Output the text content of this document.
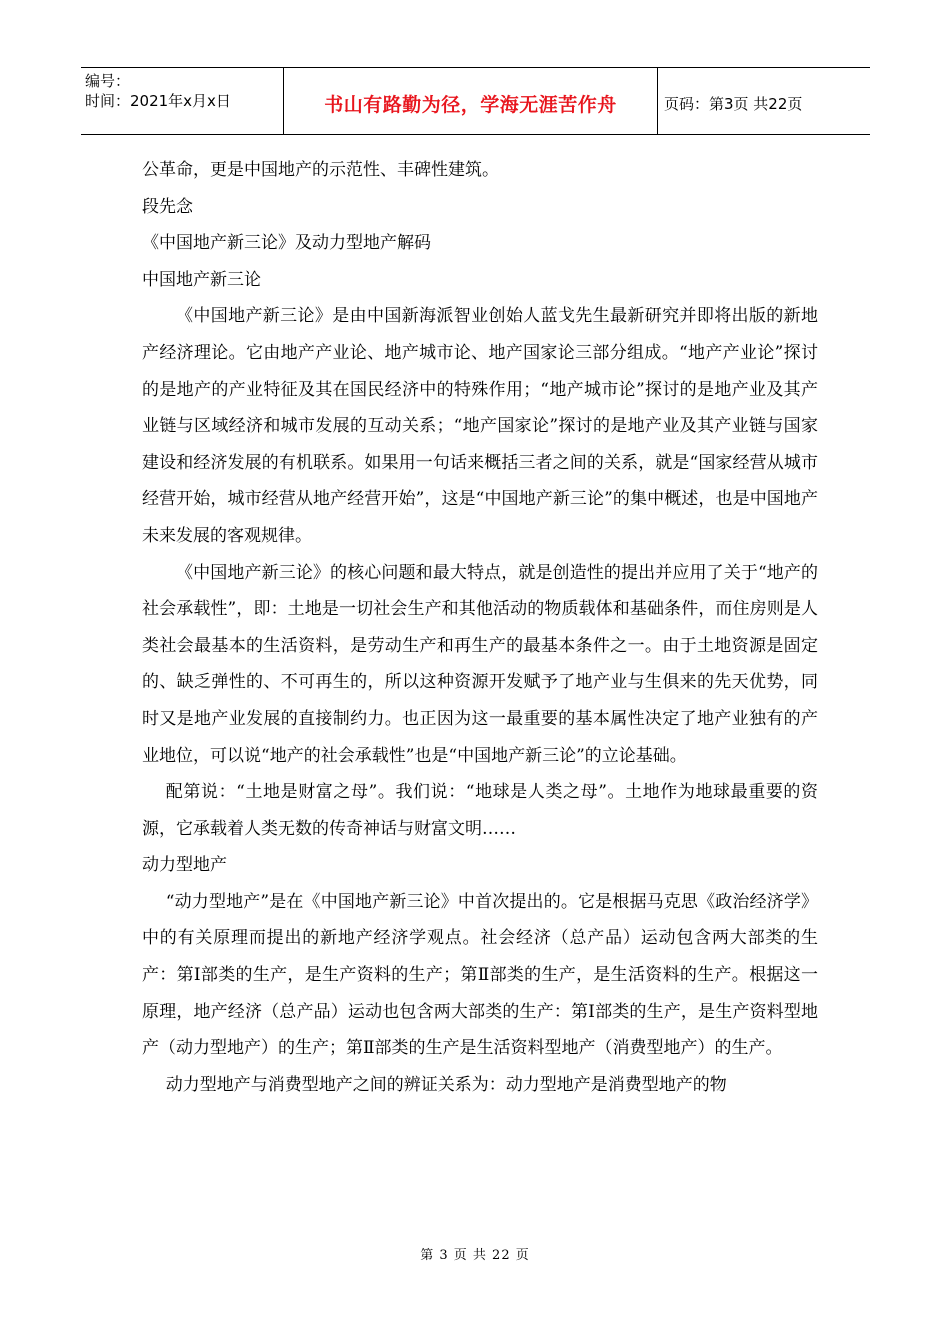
编号：
时间：2021年x月x日	书山有路勤为径，学海无涯苦作舟	页码：第3页 共22页

公革命，更是中国地产的示范性、丰碑性建筑。

段先念

《中国地产新三论》及动力型地产解码

中国地产新三论

《中国地产新三论》是由中国新海派智业创始人蓝戈先生最新研究并即将出版的新地产经济理论。它由地产产业论、地产城市论、地产国家论三部分组成。“地产产业论”探讨的是地产的产业特征及其在国民经济中的特殊作用；“地产城市论”探讨的是地产业及其产业链与区域经济和城市发展的互动关系；“地产国家论”探讨的是地产业及其产业链与国家建设和经济发展的有机联系。如果用一句话来概括三者之间的关系，就是“国家经营从城市经营开始，城市经营从地产经营开始”，这是“中国地产新三论”的集中概述，也是中国地产未来发展的客观规律。

《中国地产新三论》的核心问题和最大特点，就是创造性的提出并应用了关于“地产的社会承载性”，即：土地是一切社会生产和其他活动的物质载体和基础条件，而住房则是人类社会最基本的生活资料，是劳动生产和再生产的最基本条件之一。由于土地资源是固定的、缺乏弹性的、不可再生的，所以这种资源开发赋予了地产业与生俱来的先天优势，同时又是地产业发展的直接制约力。也正因为这一最重要的基本属性决定了地产业独有的产业地位，可以说“地产的社会承载性”也是“中国地产新三论”的立论基础。

配第说：“土地是财富之母”。我们说：“地球是人类之母”。土地作为地球最重要的资源，它承载着人类无数的传奇神话与财富文明……

动力型地产

“动力型地产”是在《中国地产新三论》中首次提出的。它是根据马克思《政治经济学》中的有关原理而提出的新地产经济学观点。社会经济（总产品）运动包含两大部类的生产：第Ⅰ部类的生产，是生产资料的生产；第Ⅱ部类的生产，是生活资料的生产。根据这一原理，地产经济（总产品）运动也包含两大部类的生产：第Ⅰ部类的生产，是生产资料型地产（动力型地产）的生产；第Ⅱ部类的生产是生活资料型地产（消费型地产）的生产。

动力型地产与消费型地产之间的辨证关系为：动力型地产是消费型地产的物

第 3 页 共 22 页
